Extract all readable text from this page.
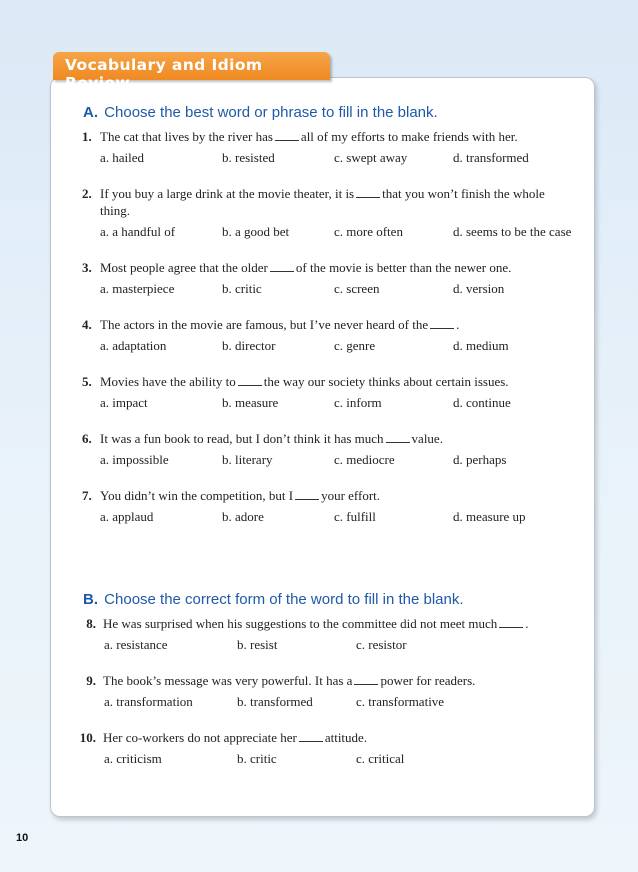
Vocabulary and Idiom Review
A. Choose the best word or phrase to fill in the blank.
1. The cat that lives by the river has all of my efforts to make friends with her.
a. hailed	b. resisted	c. swept away	d. transformed
2. If you buy a large drink at the movie theater, it is that you won’t finish the whole
thing.
a. a handful of	b. a good bet	c. more often	d. seems to be the case
3. Most people agree that the older of the movie is better than the newer one.
a. masterpiece	b. critic	c. screen	d. version
4. The actors in the movie are famous, but I’ve never heard of the .
a. adaptation	b. director	c. genre	d. medium
5. Movies have the ability to the way our society thinks about certain issues.
a. impact	b. measure	c. inform	d. continue
6. It was a fun book to read, but I don’t think it has much value.
a. impossible	b. literary	c. mediocre	d. perhaps
7. You didn’t win the competition, but I your effort.
a. applaud	b. adore	c. fulfill	d. measure up
B. Choose the correct form of the word to fill in the blank.
8. He was surprised when his suggestions to the committee did not meet much .
a. resistance	b. resist	c. resistor
9. The book’s message was very powerful. It has a power for readers.
a. transformation	b. transformed	c. transformative
10. Her co-workers do not appreciate her attitude.
a. criticism	b. critic	c. critical
10
